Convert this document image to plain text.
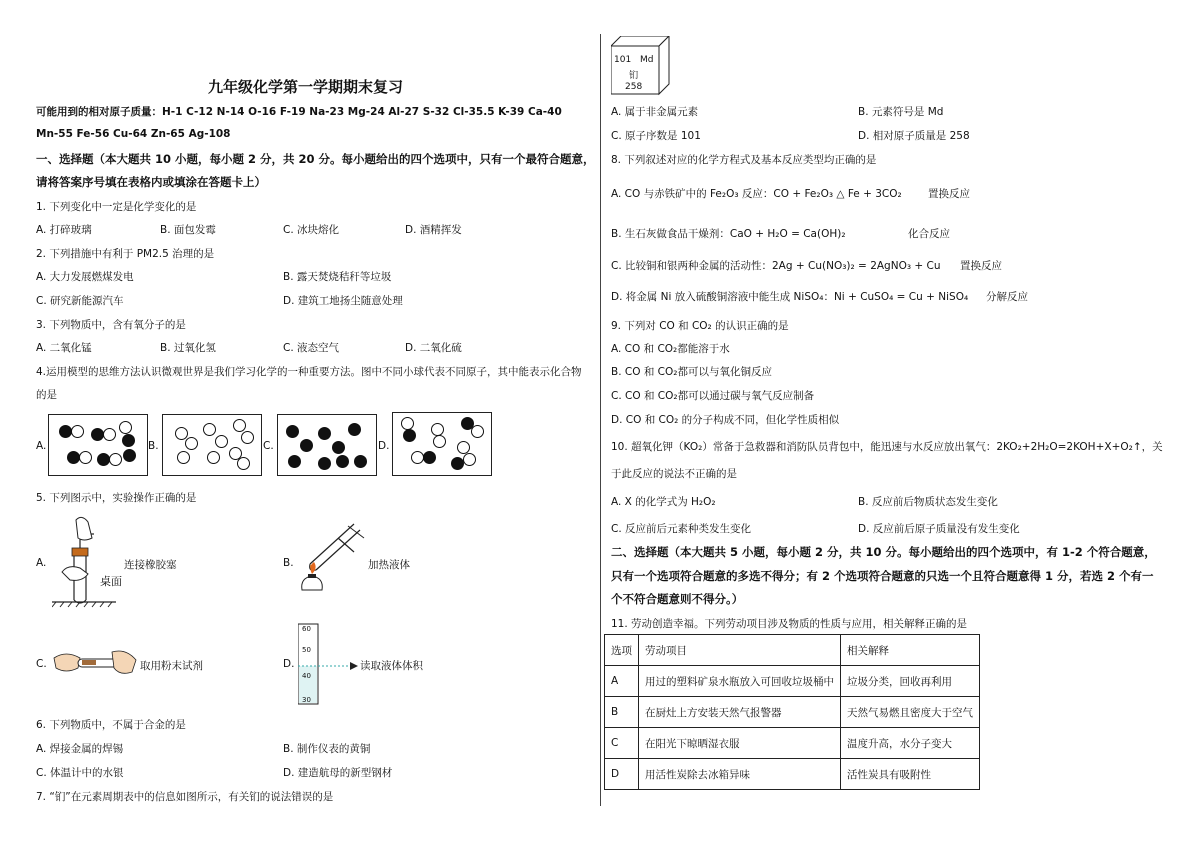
九年级化学第一学期期末复习
可能用到的相对原子质量：H-1 C-12 N-14 O-16 F-19 Na-23 Mg-24 Al-27 S-32 Cl-35.5 K-39 Ca-40
Mn-55 Fe-56 Cu-64 Zn-65 Ag-108
一、选择题（本大题共 10 小题，每小题 2 分，共 20 分。每小题给出的四个选项中，只有一个最符合题意，
请将答案序号填在表格内或填涂在答题卡上）
1. 下列变化中一定是化学变化的是
A. 打碎玻璃	B. 面包发霉	C. 冰块熔化	D. 酒精挥发
2. 下列措施中有利于 PM2.5 治理的是
A. 大力发展燃煤发电	B. 露天焚烧秸秆等垃圾
C. 研究新能源汽车	D. 建筑工地扬尘随意处理
3. 下列物质中，含有氧分子的是
A. 二氧化锰	B. 过氧化氢	C. 液态空气	D. 二氧化硫
4.运用模型的思维方法认识微观世界是我们学习化学的一种重要方法。图中不同小球代表不同原子，其中能表示化合物
的是
A.	B.	C.	D.
5. 下列图示中，实验操作正确的是
A.	连接橡胶塞
桌面
B.	加热液体
C.	取用粉末试剂	D.
60
50
40
30
读取液体体积
6. 下列物质中，不属于合金的是
A. 焊接金属的焊锡	B. 制作仪表的黄铜
C. 体温计中的水银	D. 建造航母的新型钢材
7. “钔”在元素周期表中的信息如图所示，有关钔的说法错误的是
101 Md
钔
258
A. 属于非金属元素	B. 元素符号是 Md
C. 原子序数是 101	D. 相对原子质量是 258
8. 下列叙述对应的化学方程式及基本反应类型均正确的是
A. CO 与赤铁矿中的 Fe₂O₃ 反应：CO + Fe₂O₃ △ Fe + 3CO₂	置换反应
B. 生石灰做食品干燥剂：CaO + H₂O = Ca(OH)₂	化合反应
C. 比较铜和银两种金属的活动性：2Ag + Cu(NO₃)₂ = 2AgNO₃ + Cu 置换反应
D. 将金属 Ni 放入硫酸铜溶液中能生成 NiSO₄：Ni + CuSO₄ = Cu + NiSO₄ 分解反应
9. 下列对 CO 和 CO₂ 的认识正确的是
A. CO 和 CO₂都能溶于水
B. CO 和 CO₂都可以与氧化铜反应
C. CO 和 CO₂都可以通过碳与氧气反应制备
D. CO 和 CO₂ 的分子构成不同，但化学性质相似
10. 超氧化钾（KO₂）常备于急救器和消防队员背包中，能迅速与水反应放出氧气：2KO₂+2H₂O=2KOH+X+O₂↑，关
于此反应的说法不正确的是
A. X 的化学式为 H₂O₂	B. 反应前后物质状态发生变化
C. 反应前后元素种类发生变化	D. 反应前后原子质量没有发生变化
二、选择题（本大题共 5 小题，每小题 2 分，共 10 分。每小题给出的四个选项中，有 1-2 个符合题意，
只有一个选项符合题意的多选不得分；有 2 个选项符合题意的只选一个且符合题意得 1 分，若选 2 个有一
个不符合题意则不得分。）
11. 劳动创造幸福。下列劳动项目涉及物质的性质与应用，相关解释正确的是
选项	劳动项目	相关解释
A	用过的塑料矿泉水瓶放入可回收垃圾桶中	垃圾分类，回收再利用
B	在厨灶上方安装天然气报警器	天然气易燃且密度大于空气
C	在阳光下晾晒湿衣服	温度升高，水分子变大
D	用活性炭除去冰箱异味	活性炭具有吸附性
